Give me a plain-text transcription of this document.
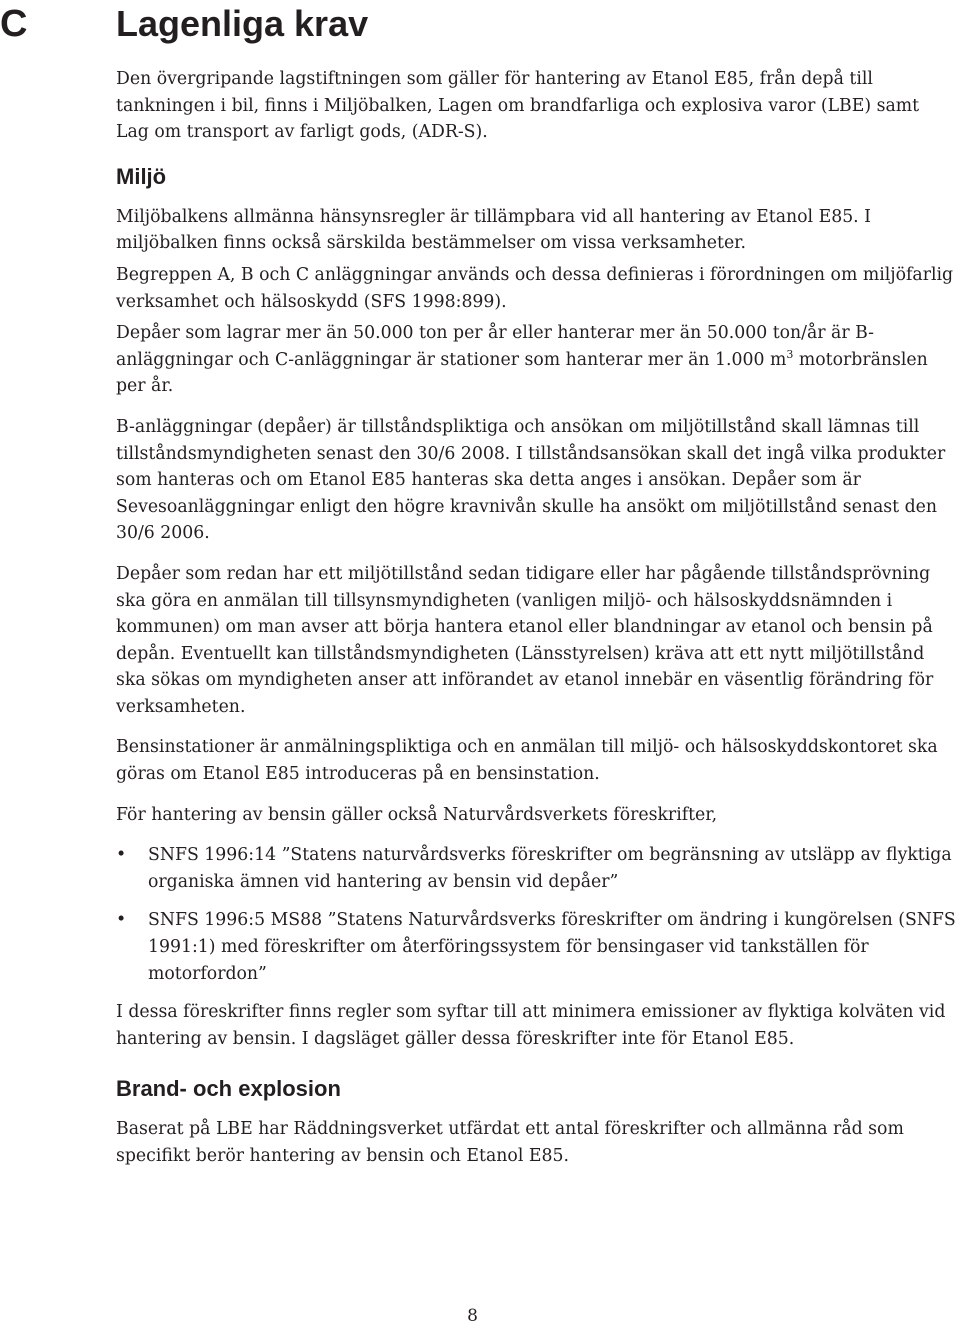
C Lagenliga krav

Den övergripande lagstiftningen som gäller för hantering av Etanol E85, från depå till tankningen i bil, finns i Miljöbalken, Lagen om brandfarliga och explosiva varor (LBE) samt Lag om transport av farligt gods, (ADR-S).

Miljö

Miljöbalkens allmänna hänsynsregler är tillämpbara vid all hantering av Etanol E85. I miljöbalken finns också särskilda bestämmelser om vissa verksamheter.

Begreppen A, B och C anläggningar används och dessa definieras i förordningen om miljöfarlig verksamhet och hälsoskydd (SFS 1998:899).

Depåer som lagrar mer än 50.000 ton per år eller hanterar mer än 50.000 ton/år är B-anläggningar och C-anläggningar är stationer som hanterar mer än 1.000 $m^3$ motorbränslen per år.

B-anläggningar (depåer) är tillståndspliktiga och ansökan om miljötillstånd skall lämnas till tillståndsmyndigheten senast den 30/6 2008. I tillståndsansökan skall det ingå vilka produkter som hanteras och om Etanol E85 hanteras ska detta anges i ansökan. Depåer som är Sevesoanläggningar enligt den högre kravnivån skulle ha ansökt om miljötillstånd senast den 30/6 2006.

Depåer som redan har ett miljötillstånd sedan tidigare eller har pågående tillståndsprövning ska göra en anmälan till tillsynsmyndigheten (vanligen miljö- och hälsoskyddsnämnden i kommunen) om man avser att börja hantera etanol eller blandningar av etanol och bensin på depån. Eventuellt kan tillståndsmyndigheten (Länsstyrelsen) kräva att ett nytt miljötillstånd ska sökas om myndigheten anser att införandet av etanol innebär en väsentlig förändring för verksamheten.

Bensinstationer är anmälningspliktiga och en anmälan till miljö- och hälsoskyddskontoret ska göras om Etanol E85 introduceras på en bensinstation.

För hantering av bensin gäller också Naturvårdsverkets föreskrifter,

• SNFS 1996:14 ”Statens naturvårdsverks föreskrifter om begränsning av utsläpp av flyktiga organiska ämnen vid hantering av bensin vid depåer”
• SNFS 1996:5 MS88 ”Statens Naturvårdsverks föreskrifter om ändring i kungörelsen (SNFS 1991:1) med föreskrifter om återföringssystem för bensingaser vid tankställen för motorfordon”

I dessa föreskrifter finns regler som syftar till att minimera emissioner av flyktiga kolväten vid hantering av bensin. I dagsläget gäller dessa föreskrifter inte för Etanol E85.

Brand- och explosion

Baserat på LBE har Räddningsverket utfärdat ett antal föreskrifter och allmänna råd som specifikt berör hantering av bensin och Etanol E85.

8
